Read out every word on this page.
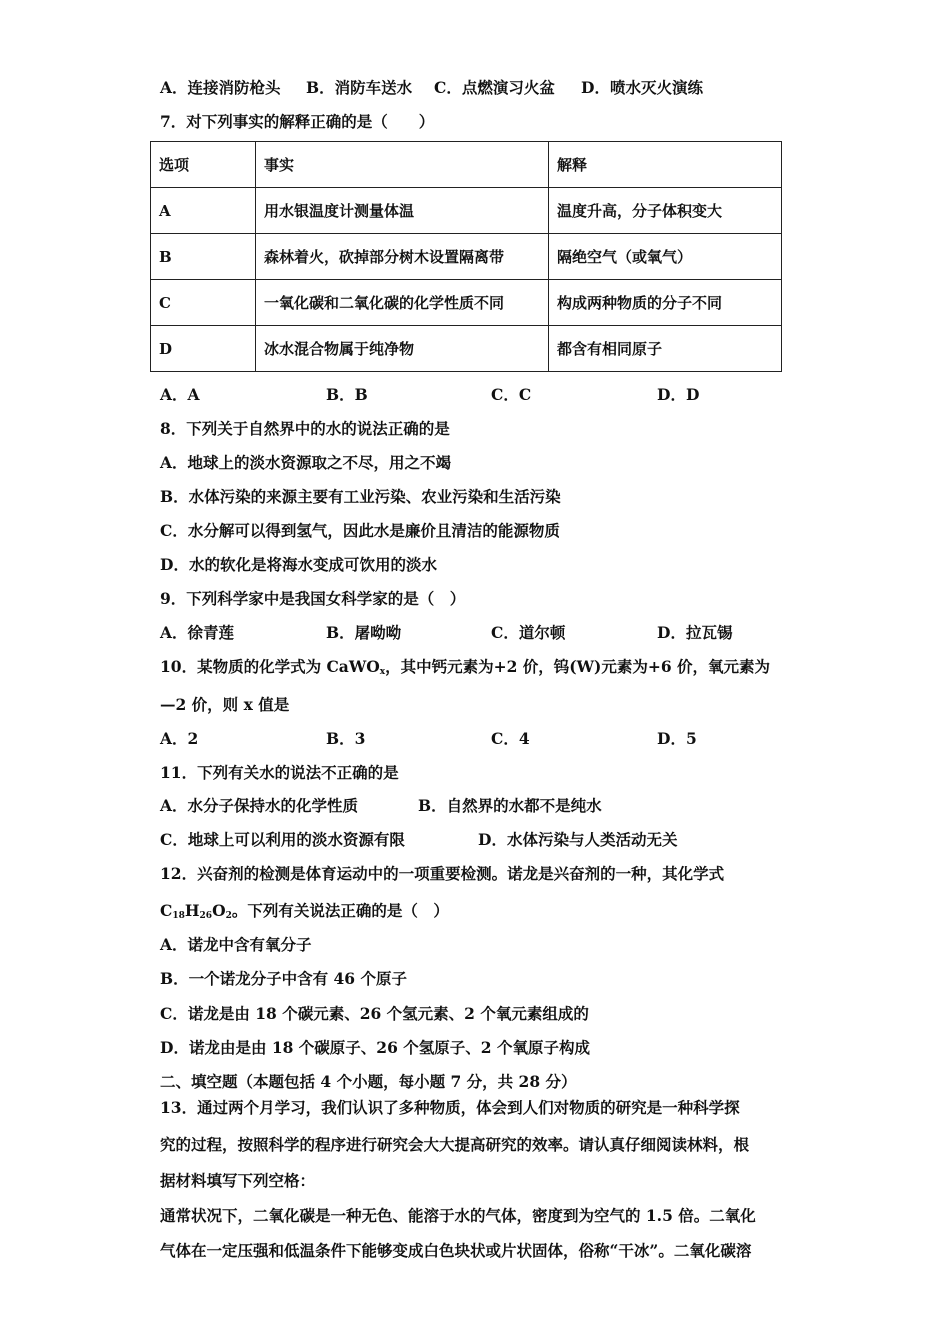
A．连接消防枪头 B．消防车送水 C．点燃演习火盆 D．喷水灭火演练
7．对下列事实的解释正确的是（　　）
选项	事实	解释
A	用水银温度计测量体温	温度升高，分子体积变大
B	森林着火，砍掉部分树木设置隔离带	隔绝空气（或氧气）
C	一氧化碳和二氧化碳的化学性质不同	构成两种物质的分子不同
D	冰水混合物属于纯净物	都含有相同原子
A．A	B．B	C．C	D．D
8．下列关于自然界中的水的说法正确的是
A．地球上的淡水资源取之不尽，用之不竭
B．水体污染的来源主要有工业污染、农业污染和生活污染
C．水分解可以得到氢气，因此水是廉价且清洁的能源物质
D．水的软化是将海水变成可饮用的淡水
9．下列科学家中是我国女科学家的是（　）
A．徐青莲	B．屠呦呦	C．道尔顿	D．拉瓦锡
10．某物质的化学式为 CaWO$_x$，其中钙元素为+2 价，钨(W)元素为+6 价，氧元素为
—2 价，则 x 值是
A．2	B．3	C．4	D．5
11．下列有关水的说法不正确的是
A．水分子保持水的化学性质	B．自然界的水都不是纯水
C．地球上可以利用的淡水资源有限	D．水体污染与人类活动无关
12．兴奋剂的检测是体育运动中的一项重要检测。诺龙是兴奋剂的一种，其化学式
$C_{18}H_{26}O_2$。下列有关说法正确的是（　）
A．诺龙中含有氧分子
B．一个诺龙分子中含有 46 个原子
C．诺龙是由 18 个碳元素、26 个氢元素、2 个氧元素组成的
D．诺龙由是由 18 个碳原子、26 个氢原子、2 个氧原子构成
二、填空题（本题包括 4 个小题，每小题 7 分，共 28 分）
13．通过两个月学习，我们认识了多种物质，体会到人们对物质的研究是一种科学探
究的过程，按照科学的程序进行研究会大大提高研究的效率。请认真仔细阅读林料，根
据材料填写下列空格：
通常状况下，二氧化碳是一种无色、能溶于水的气体，密度到为空气的 1.5 倍。二氧化
气体在一定压强和低温条件下能够变成白色块状或片状固体，俗称“干冰”。二氧化碳溶
